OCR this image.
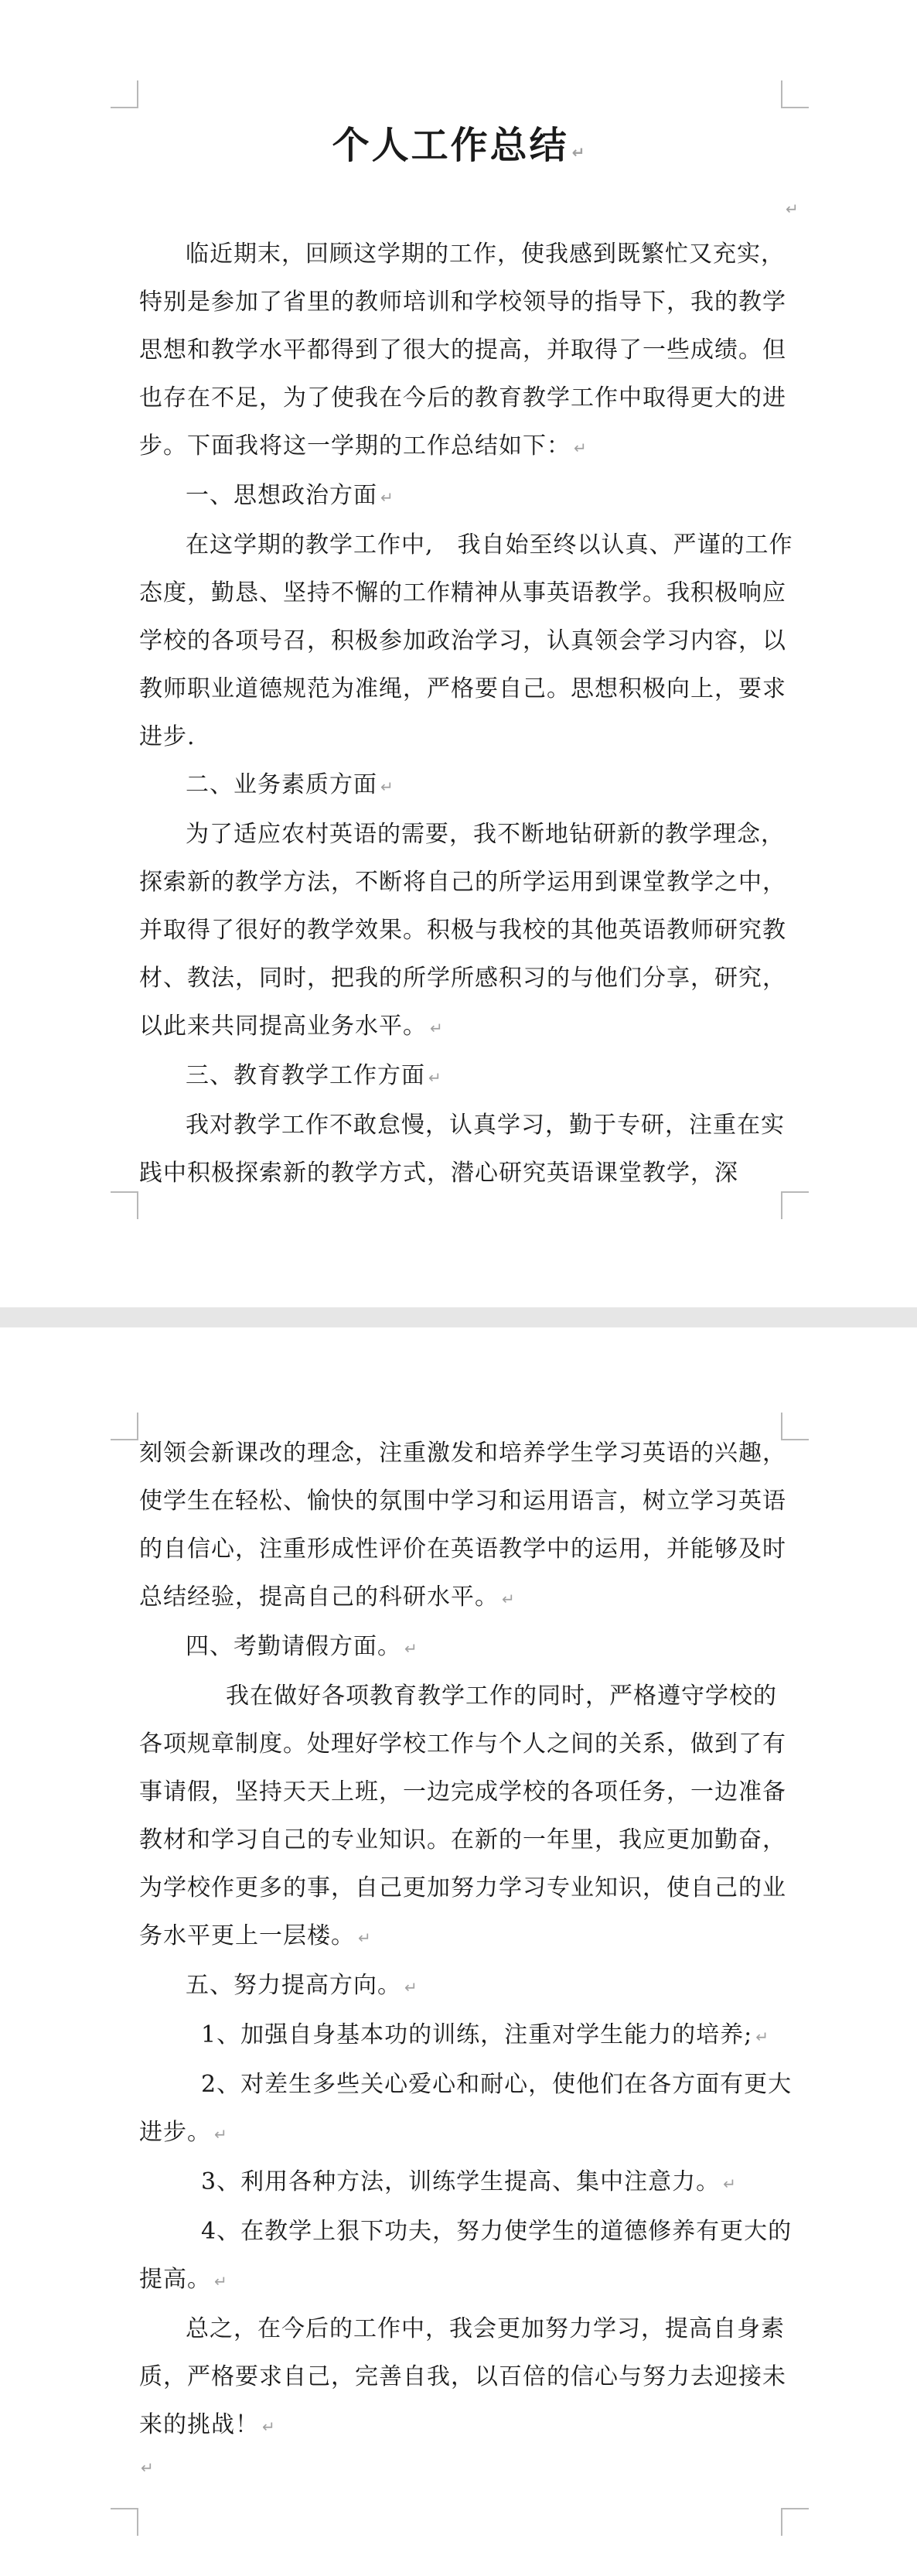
个人工作总结 ↵
↵

临近期末，回顾这学期的工作，使我感到既繁忙又充实，特别是参加了省里的教师培训和学校领导的指导下，我的教学思想和教学水平都得到了很大的提高，并取得了一些成绩。但也存在不足，为了使我在今后的教育教学工作中取得更大的进步。下面我将这一学期的工作总结如下： ↵

一、思想政治方面 ↵

在这学期的教学工作中,　我自始至终以认真、严谨的工作态度，勤恳、坚持不懈的工作精神从事英语教学。我积极响应学校的各项号召，积极参加政治学习，认真领会学习内容，以教师职业道德规范为准绳，严格要自己。思想积极向上，要求进步.

二、业务素质方面 ↵

为了适应农村英语的需要，我不断地钻研新的教学理念，探索新的教学方法，不断将自己的所学运用到课堂教学之中，并取得了很好的教学效果。积极与我校的其他英语教师研究教材、教法，同时，把我的所学所感积习的与他们分享，研究，以此来共同提高业务水平。 ↵

三、教育教学工作方面 ↵

我对教学工作不敢怠慢，认真学习，勤于专研，注重在实践中积极探索新的教学方式，潜心研究英语课堂教学，深

刻领会新课改的理念，注重激发和培养学生学习英语的兴趣，使学生在轻松、愉快的氛围中学习和运用语言，树立学习英语的自信心，注重形成性评价在英语教学中的运用，并能够及时总结经验，提高自己的科研水平。 ↵

四、考勤请假方面。 ↵

我在做好各项教育教学工作的同时，严格遵守学校的各项规章制度。处理好学校工作与个人之间的关系，做到了有事请假，坚持天天上班，一边完成学校的各项任务，一边准备教材和学习自己的专业知识。在新的一年里，我应更加勤奋，为学校作更多的事，自己更加努力学习专业知识，使自己的业务水平更上一层楼。 ↵

五、努力提高方向。 ↵

1、加强自身基本功的训练，注重对学生能力的培养; ↵

2、对差生多些关心爱心和耐心，使他们在各方面有更大进步。 ↵

3、利用各种方法，训练学生提高、集中注意力。 ↵

4、在教学上狠下功夫，努力使学生的道德修养有更大的提高。 ↵

总之，在今后的工作中，我会更加努力学习，提高自身素质，严格要求自己，完善自我，以百倍的信心与努力去迎接未来的挑战！ ↵

↵
